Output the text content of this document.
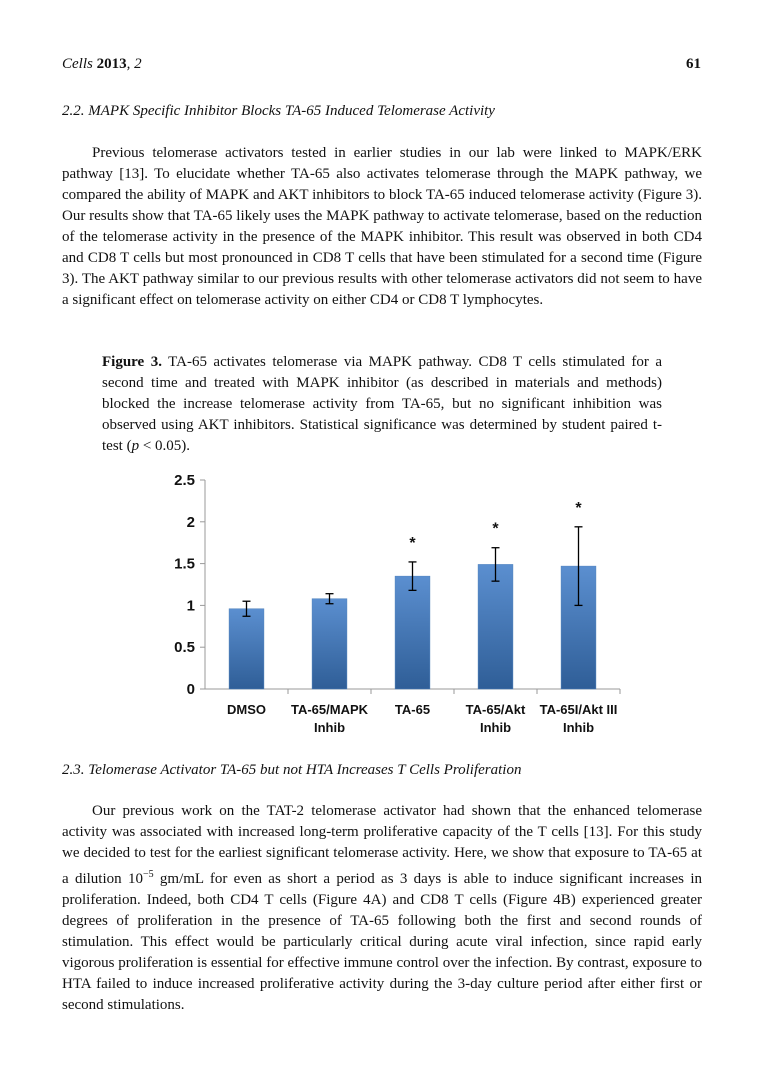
Cells 2013, 2	61
2.2. MAPK Specific Inhibitor Blocks TA-65 Induced Telomerase Activity

Previous telomerase activators tested in earlier studies in our lab were linked to MAPK/ERK pathway [13]. To elucidate whether TA-65 also activates telomerase through the MAPK pathway, we compared the ability of MAPK and AKT inhibitors to block TA-65 induced telomerase activity (Figure 3). Our results show that TA-65 likely uses the MAPK pathway to activate telomerase, based on the reduction of the telomerase activity in the presence of the MAPK inhibitor. This result was observed in both CD4 and CD8 T cells but most pronounced in CD8 T cells that have been stimulated for a second time (Figure 3). The AKT pathway similar to our previous results with other telomerase activators did not seem to have a significant effect on telomerase activity on either CD4 or CD8 T lymphocytes.

Figure 3. TA-65 activates telomerase via MAPK pathway. CD8 T cells stimulated for a second time and treated with MAPK inhibitor (as described in materials and methods) blocked the increase telomerase activity from TA-65, but no significant inhibition was observed using AKT inhibitors. Statistical significance was determined by student paired t-test (p < 0.05).

0
0.5
1
1.5
2
2.5
DMSO TA-65/MAPK
Inhib
*
TA-65
*
TA-65/Akt
Inhib
*
TA-65I/Akt III
Inhib
2.3. Telomerase Activator TA-65 but not HTA Increases T Cells Proliferation

Our previous work on the TAT-2 telomerase activator had shown that the enhanced telomerase activity was associated with increased long-term proliferative capacity of the T cells [13]. For this study we decided to test for the earliest significant telomerase activity. Here, we show that exposure to TA-65 at a dilution $10^{-5}$ gm/mL for even as short a period as 3 days is able to induce significant increases in proliferation. Indeed, both CD4 T cells (Figure 4A) and CD8 T cells (Figure 4B) experienced greater degrees of proliferation in the presence of TA-65 following both the first and second rounds of stimulation. This effect would be particularly critical during acute viral infection, since rapid early vigorous proliferation is essential for effective immune control over the infection. By contrast, exposure to HTA failed to induce increased proliferative activity during the 3-day culture period after either first or second stimulations.
